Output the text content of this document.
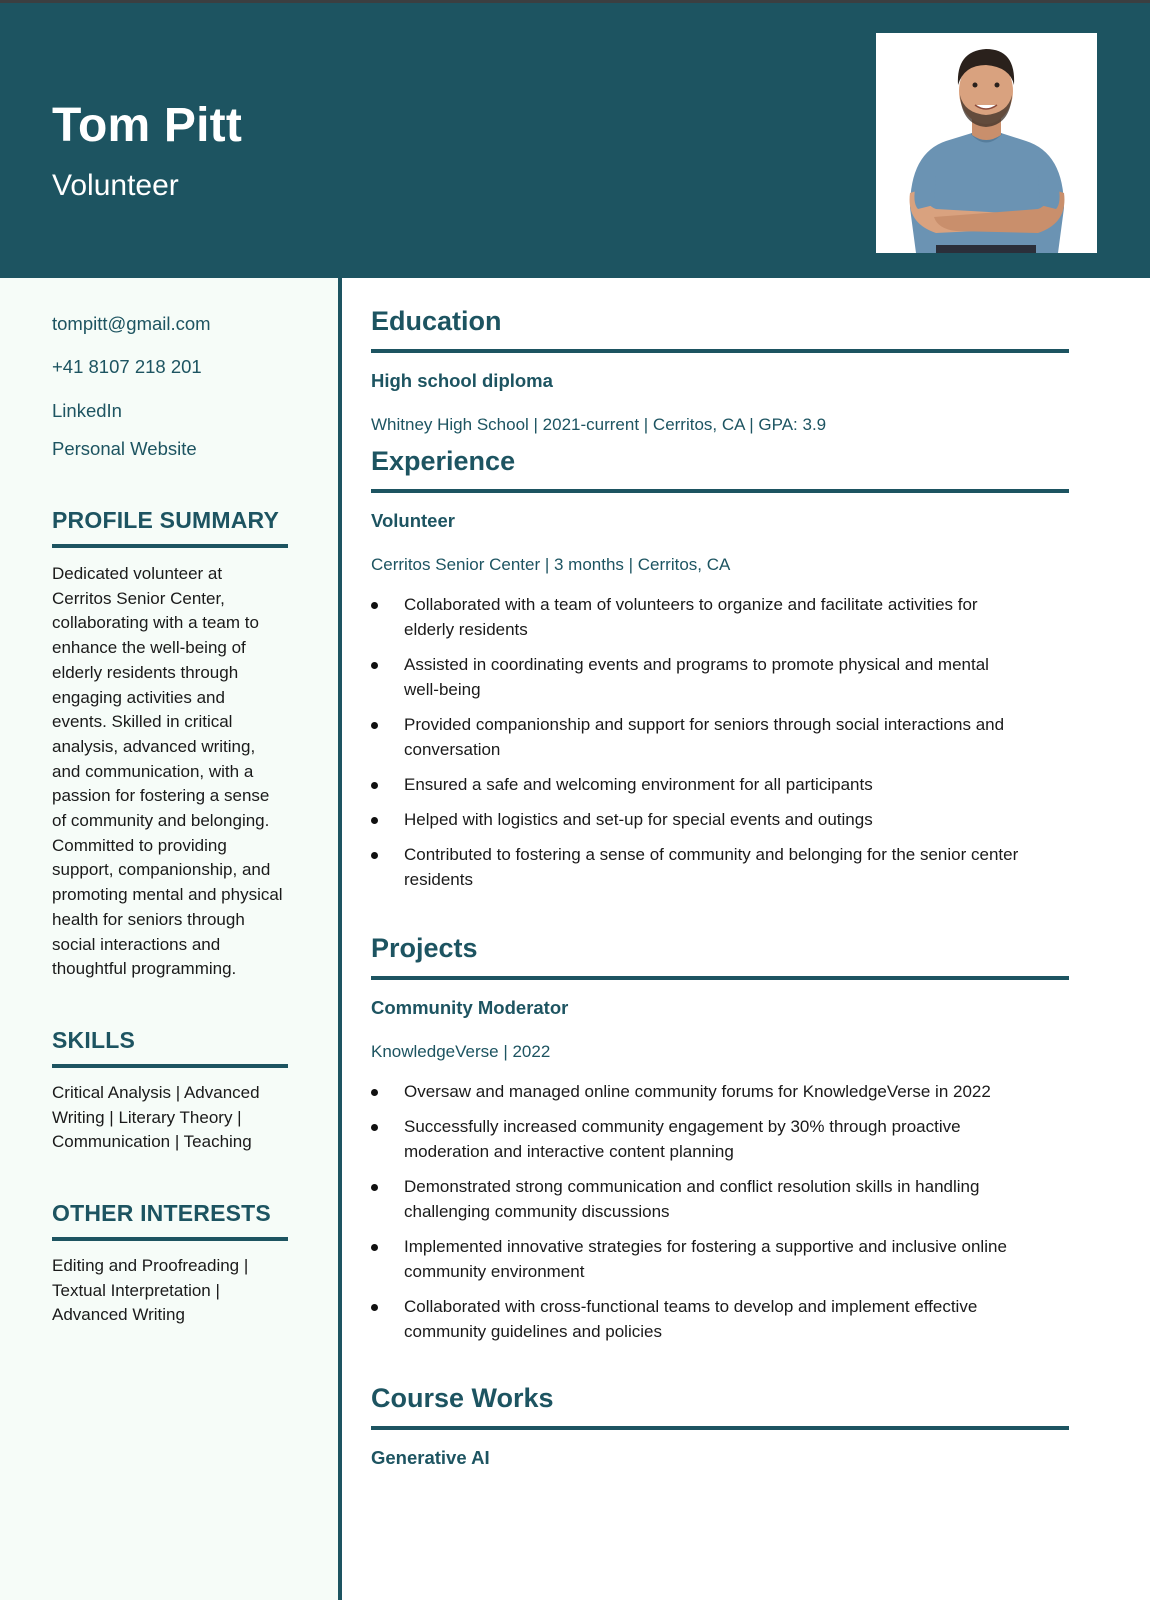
Tom Pitt
Volunteer
tompitt@gmail.com
+41 8107 218 201
LinkedIn
Personal Website
PROFILE SUMMARY
Dedicated volunteer at
Cerritos Senior Center,
collaborating with a team to
enhance the well-being of
elderly residents through
engaging activities and
events. Skilled in critical
analysis, advanced writing,
and communication, with a
passion for fostering a sense
of community and belonging.
Committed to providing
support, companionship, and
promoting mental and physical
health for seniors through
social interactions and
thoughtful programming.
SKILLS
Critical Analysis | Advanced
Writing | Literary Theory |
Communication | Teaching
OTHER INTERESTS
Editing and Proofreading |
Textual Interpretation |
Advanced Writing
Education
High school diploma
Whitney High School | 2021-current | Cerritos, CA | GPA: 3.9
Experience
Volunteer
Cerritos Senior Center | 3 months | Cerritos, CA
Collaborated with a team of volunteers to organize and facilitate activities for
elderly residents
Assisted in coordinating events and programs to promote physical and mental
well-being
Provided companionship and support for seniors through social interactions and
conversation
Ensured a safe and welcoming environment for all participants
Helped with logistics and set-up for special events and outings
Contributed to fostering a sense of community and belonging for the senior center
residents
Projects
Community Moderator
KnowledgeVerse | 2022
Oversaw and managed online community forums for KnowledgeVerse in 2022
Successfully increased community engagement by 30% through proactive
moderation and interactive content planning
Demonstrated strong communication and conflict resolution skills in handling
challenging community discussions
Implemented innovative strategies for fostering a supportive and inclusive online
community environment
Collaborated with cross-functional teams to develop and implement effective
community guidelines and policies
Course Works
Generative AI
